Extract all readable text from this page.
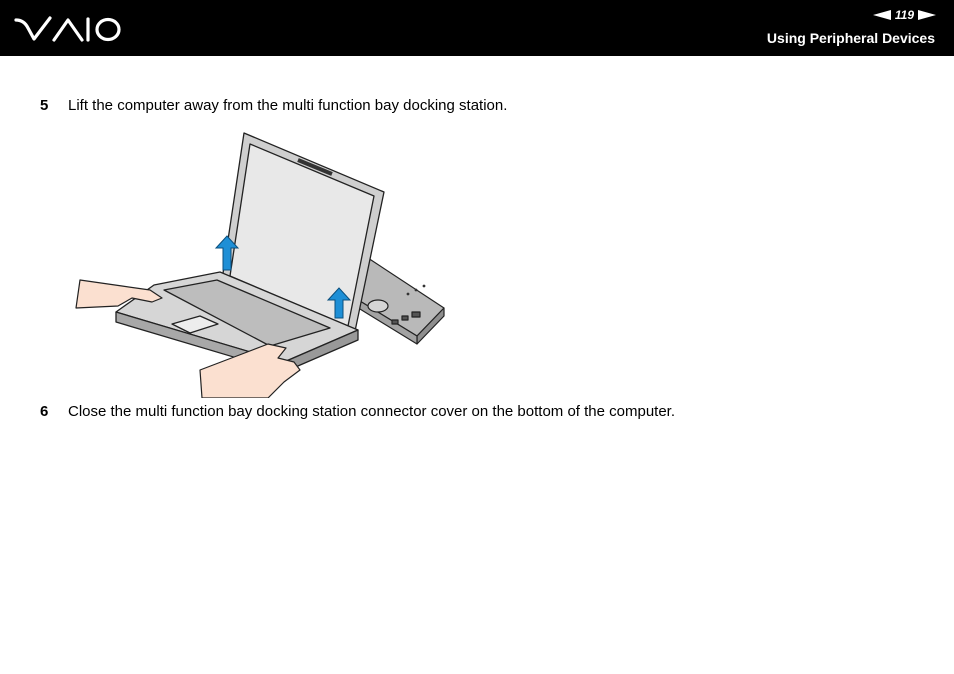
119
Using Peripheral Devices
5	Lift the computer away from the multi function bay docking station.
6	Close the multi function bay docking station connector cover on the bottom of the computer.
